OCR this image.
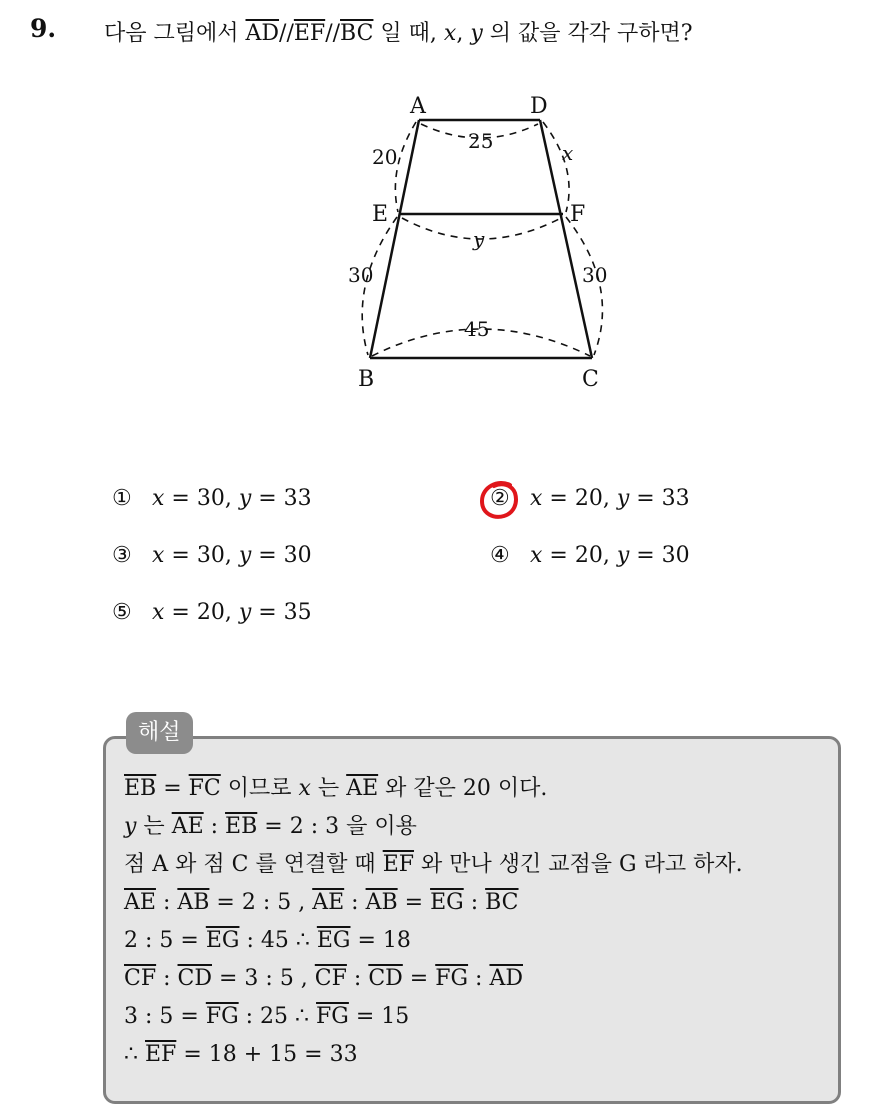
9. 다음 그림에서 $\overline{AD}//\overline{EF}//\overline{BC}$ 일 때, x, y 의 값을 각각 구하면?
A	D
E	F
B	C
25
20	x
y
30	30
45
① x = 30, y = 33	② x = 20, y = 33
③ x = 30, y = 30	④ x = 20, y = 30
⑤ x = 20, y = 35
해설
$\overline{EB} = \overline{FC}$ 이므로 x 는 $\overline{AE}$ 와 같은 20 이다.
y 는 $\overline{AE}$ : $\overline{EB} = 2$ : 3 을 이용
점 A 와 점 C 를 연결할 때 $\overline{EF}$ 와 만나 생긴 교점을 G 라고 하자.
$\overline{AE}$ : $\overline{AB} = 2$ : 5 , $\overline{AE}$ : $\overline{AB} = \overline{EG}$ : $\overline{BC}$
2 : $5 = \overline{EG}$ : 45 ∴ $\overline{EG} = 18$
$\overline{CF}$ : $\overline{CD} = 3$ : 5 , $\overline{CF}$ : $\overline{CD} = \overline{FG}$ : $\overline{AD}$
3 : $5 = \overline{FG}$ : 25 ∴ $\overline{FG} = 15$
∴ $\overline{EF} = 18 + 15 = 33$
